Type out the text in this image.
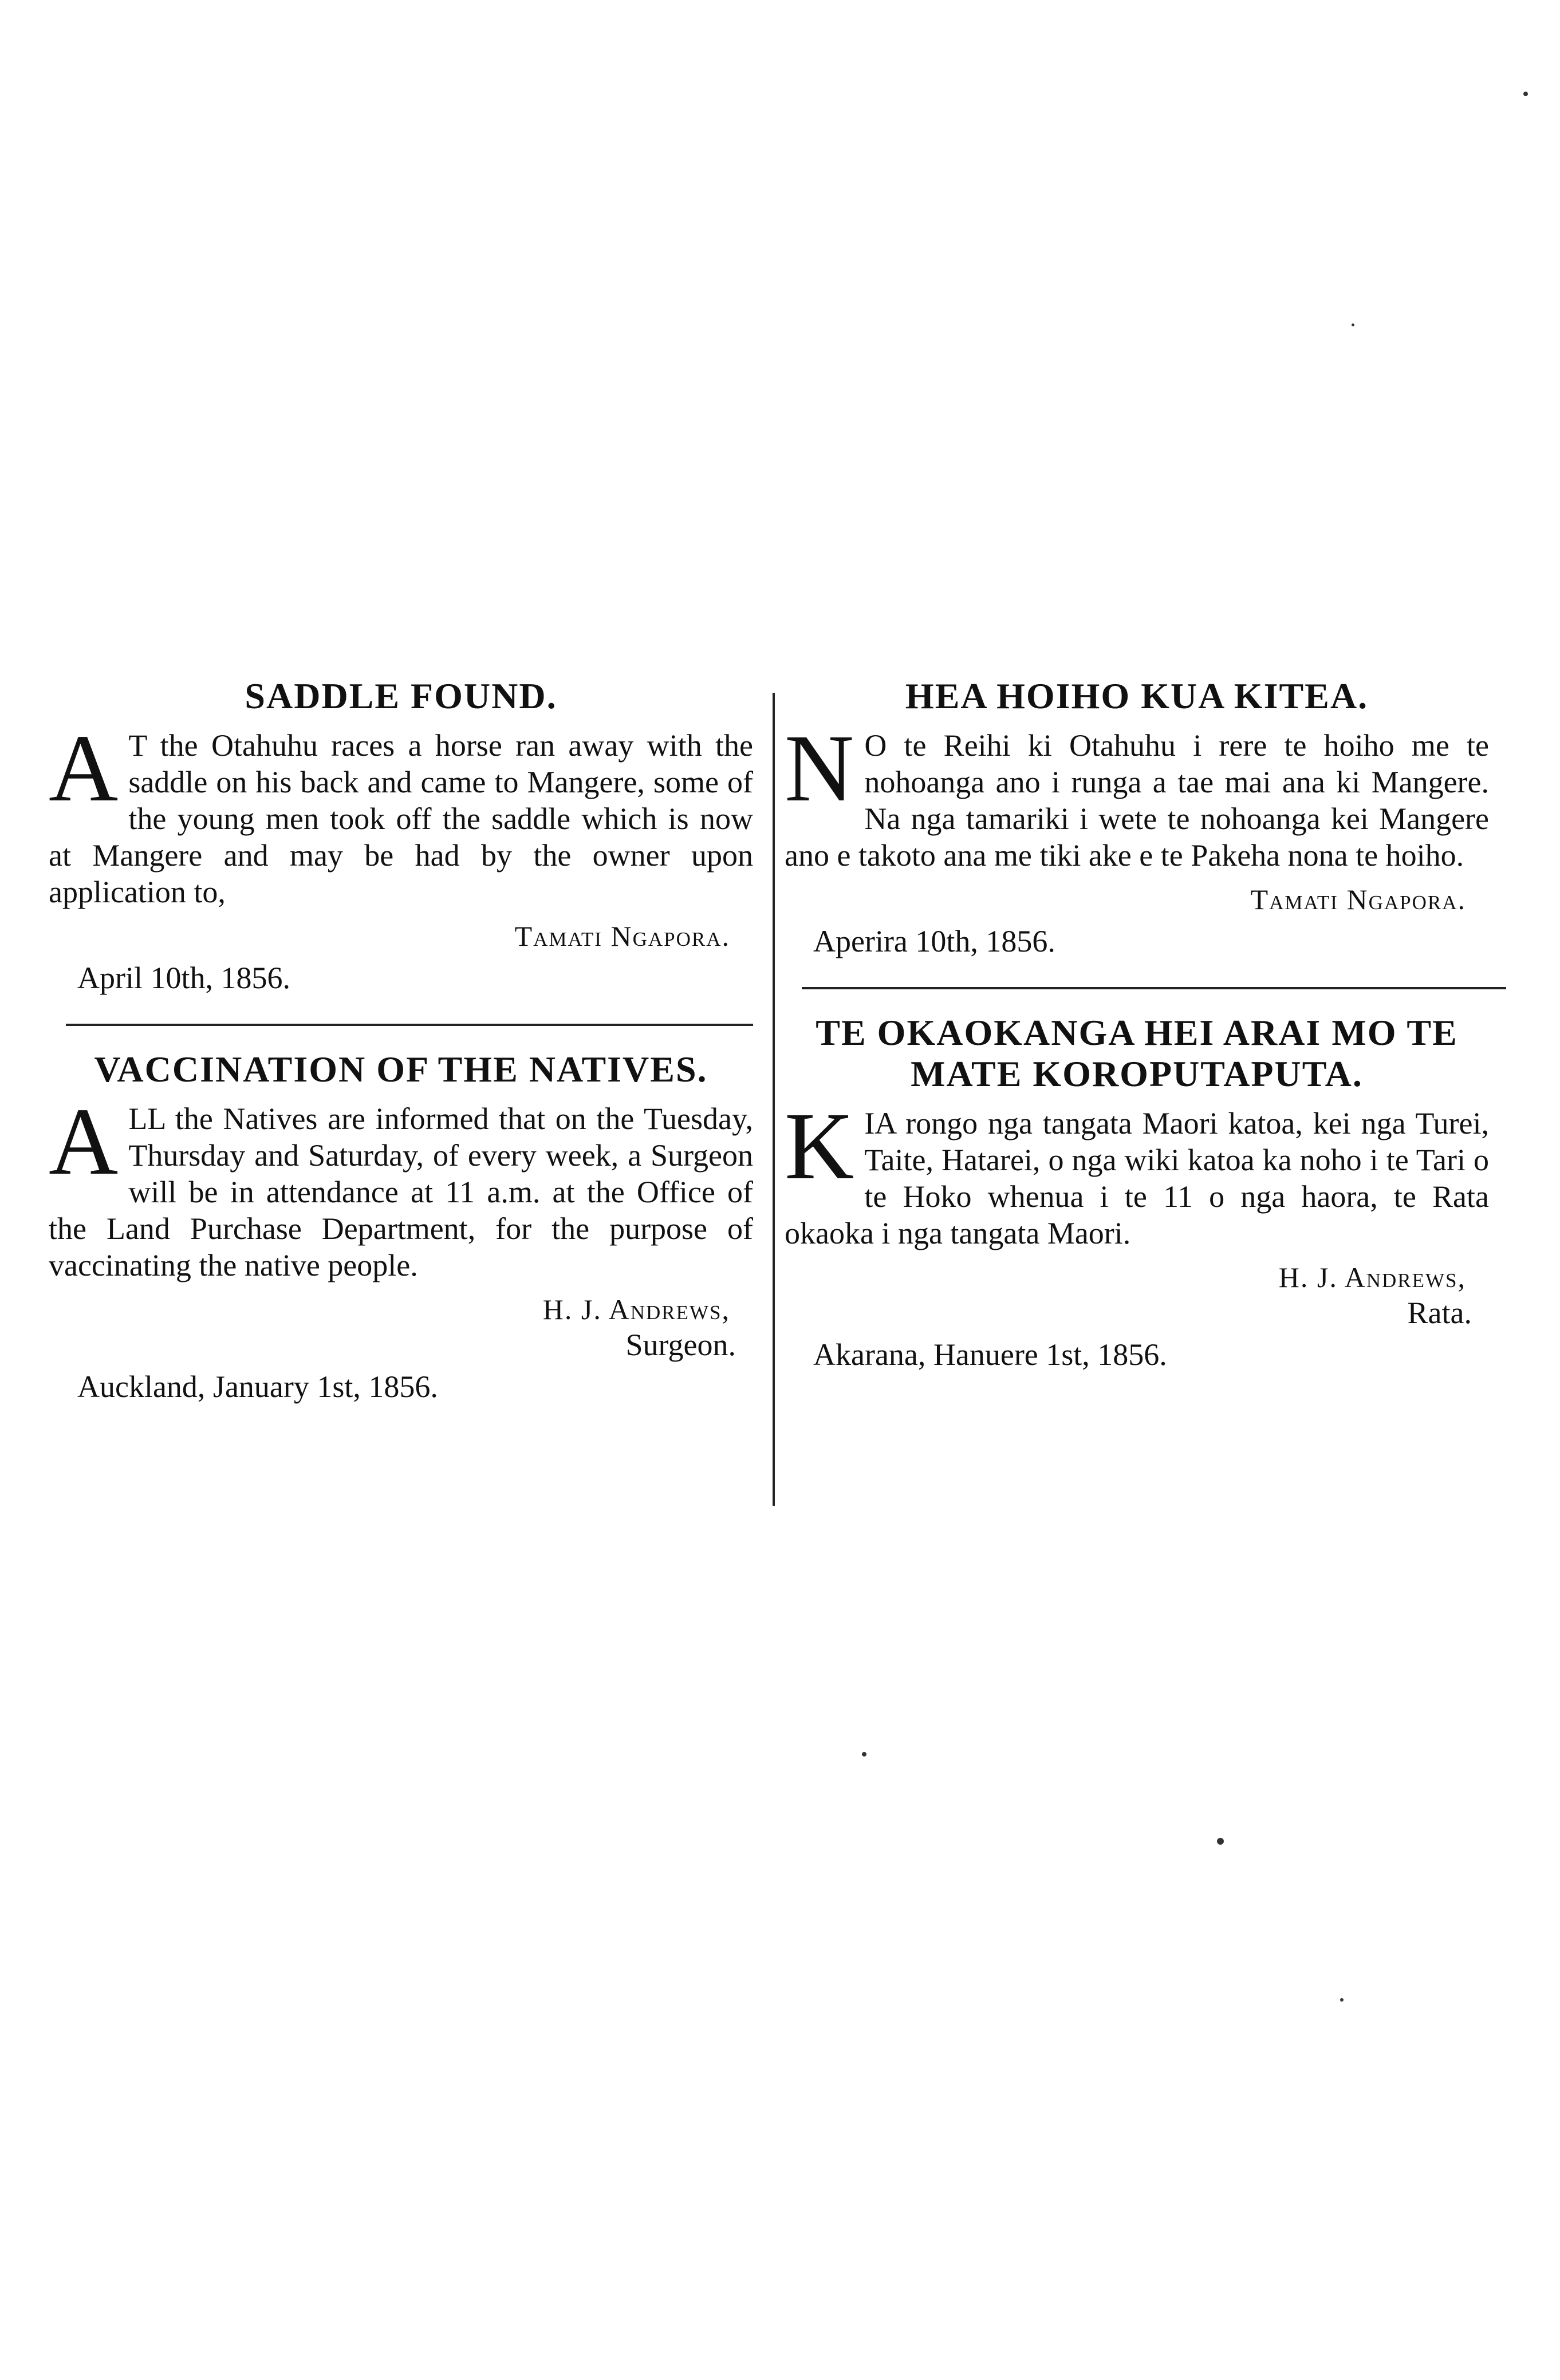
SADDLE FOUND.

A T the Otahuhu races a horse ran away with the saddle on his back and came to Mangere, some of the young men took off the saddle which is now at Mangere and may be had by the owner upon application to,

Tamati Ngapora.
April 10th, 1856.
VACCINATION OF THE NATIVES.

ALL the Natives are informed that on the Tuesday, Thursday and Saturday, of every week, a Surgeon will be in attendance at 11 a.m. at the Office of the Land Purchase Department, for the purpose of vaccinating the native people.

H. J. Andrews,
Surgeon.
Auckland, January 1st, 1856.
HEA HOIHO KUA KITEA.

N O te Reihi ki Otahuhu i rere te hoiho me te nohoanga ano i runga a tae mai ana ki Mangere. Na nga tamariki i wete te nohoanga kei Mangere ano e takoto ana me tiki ake e te Pakeha nona te hoiho.

Tamati Ngapora.
Aperira 10th, 1856.
TE OKAOKANGA HEI ARAI MO TE MATE KOROPUTAPUTA.

KIA rongo nga tangata Maori katoa, kei nga Turei, Taite, Hatarei, o nga wiki katoa ka noho i te Tari o te Hoko whenua i te 11 o nga haora, te Rata okaoka i nga tangata Maori.

H. J. Andrews,
Rata.
Akarana, Hanuere 1st, 1856.
